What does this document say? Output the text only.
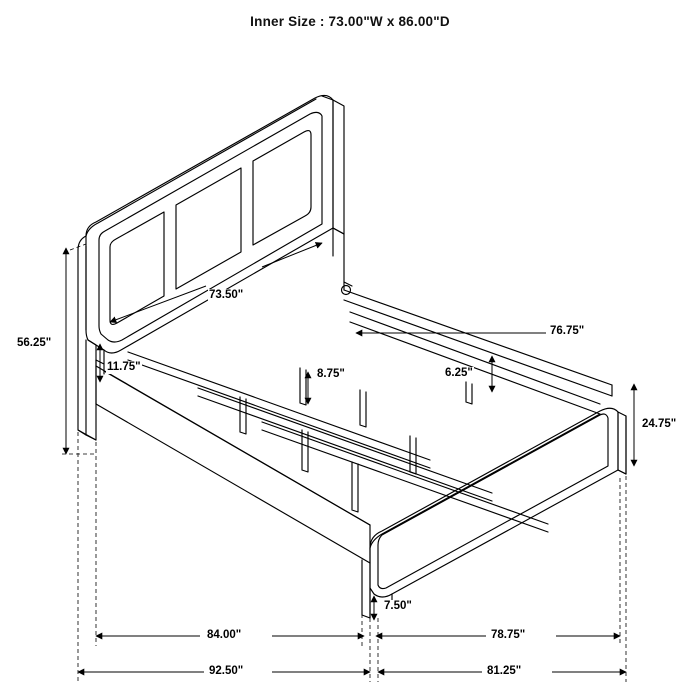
Inner Size : 73.00"W x 86.00"D
73.50"
56.25"
11.75"
8.75"	6.25"
76.75"
24.75"
7.50"
84.00"	78.75"
92.50"	81.25"
